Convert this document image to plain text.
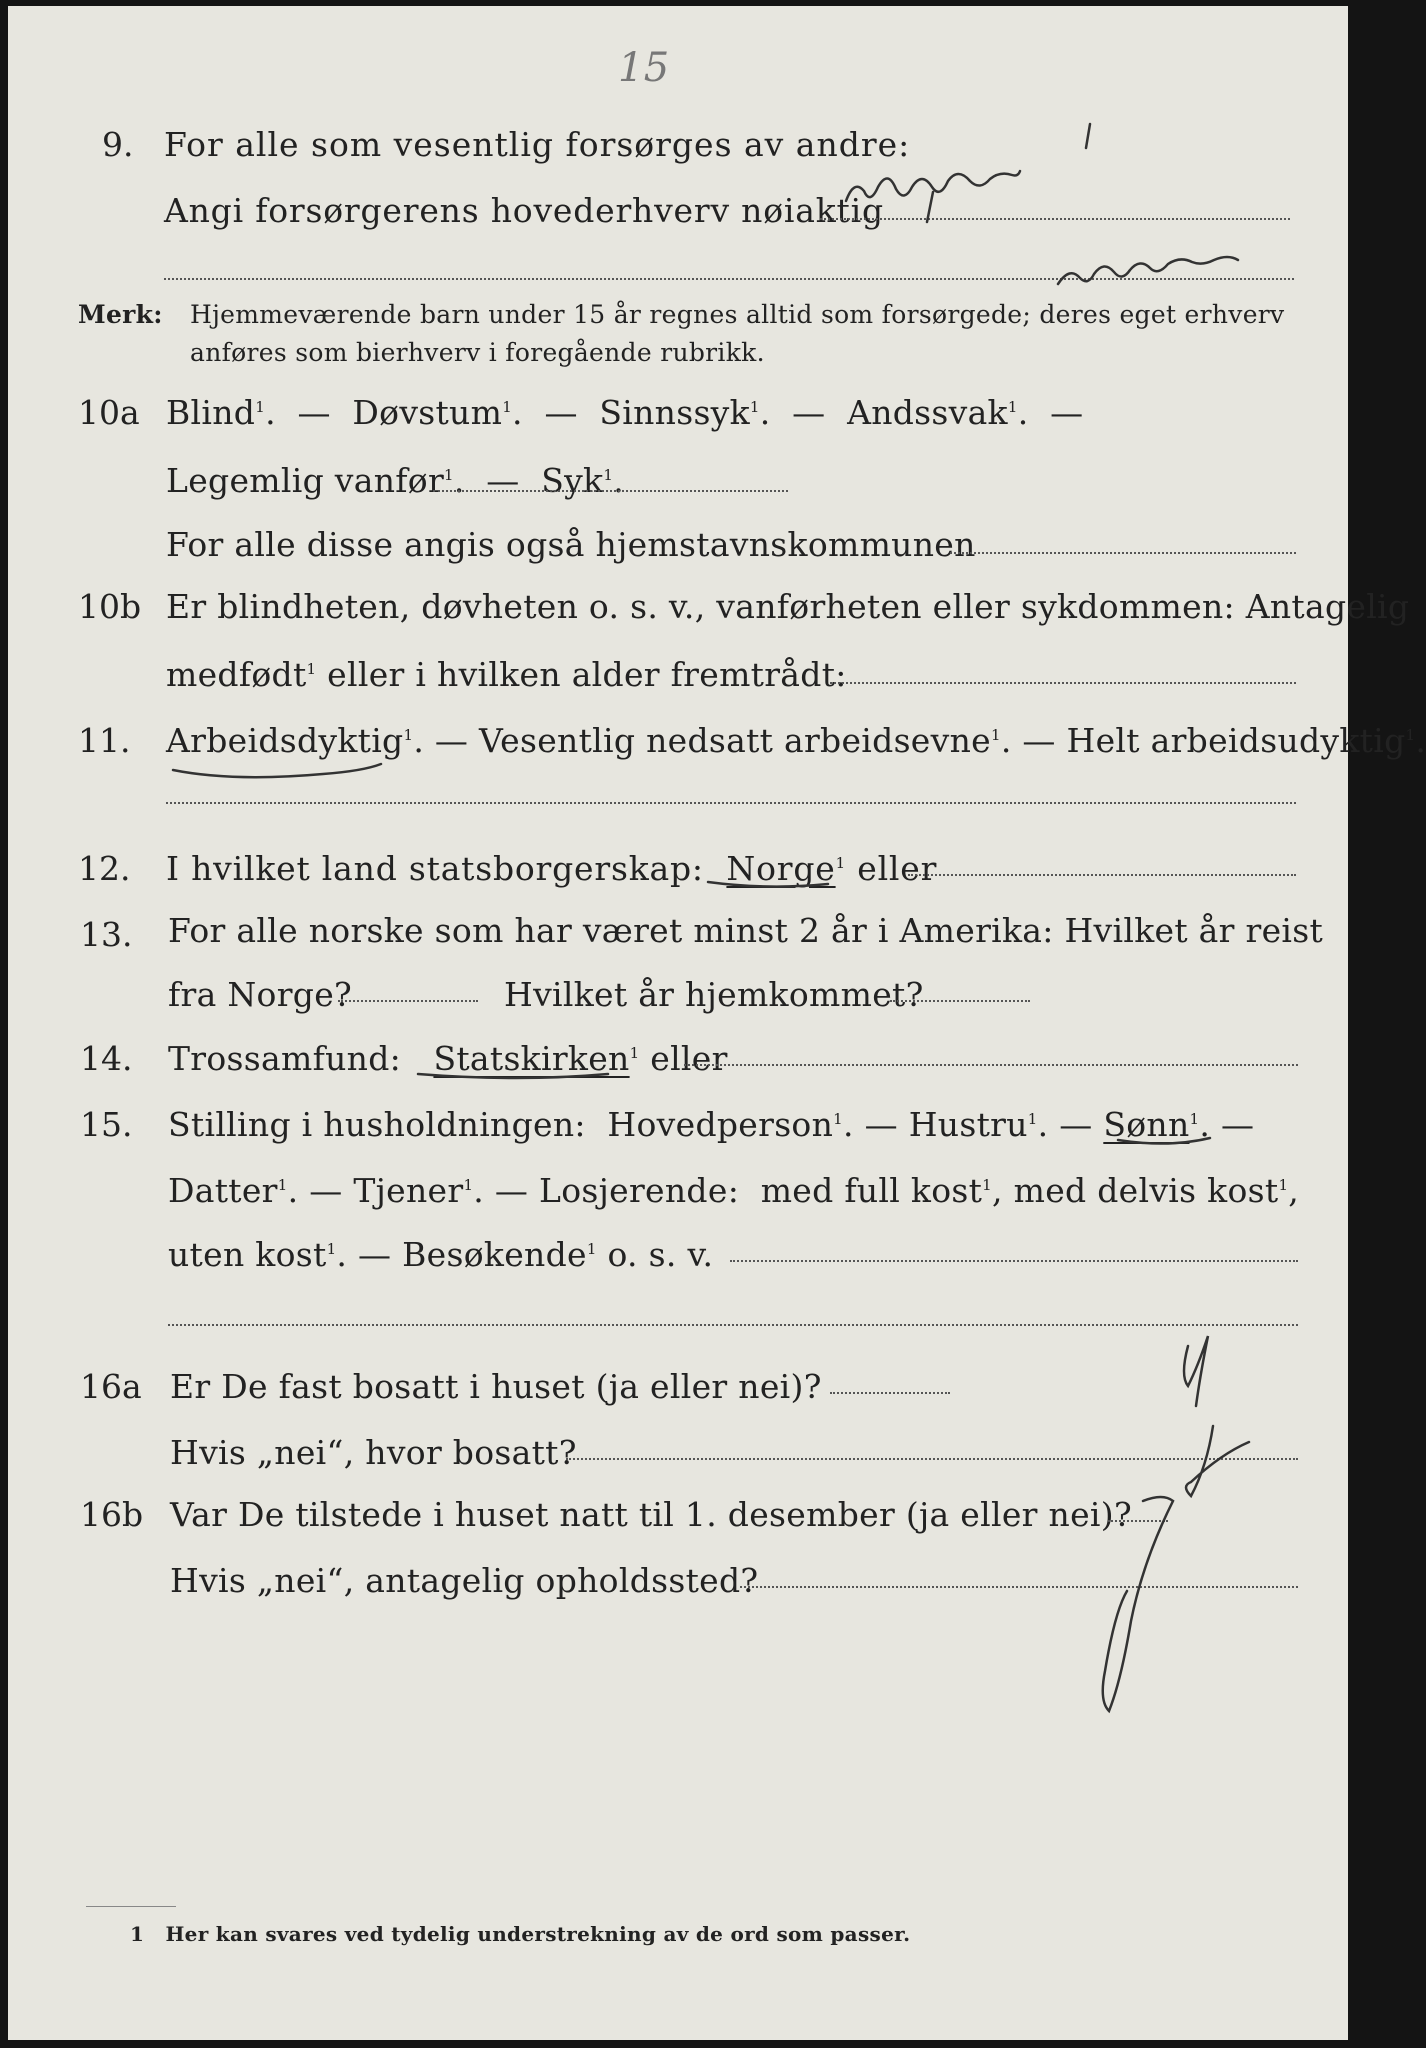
15
9. For alle som vesentlig forsørges av andre:
Angi forsørgerens hovederhverv nøiaktig
Merk: Hjemmeværende barn under 15 år regnes alltid som forsørgede; deres eget erhverv
anføres som bierhverv i foregående rubrikk.
10a Blind$^1$. — Døvstum$^1$. — Sinnssyk$^1$. — Andssvak$^1$. —
Legemlig vanfør$^1$. — Syk$^1$.
For alle disse angis også hjemstavnskommunen
10b Er blindheten, døvheten o. s. v., vanførheten eller sykdommen: Antagelig
medfødt$^1$ eller i hvilken alder fremtrådt:
11. Arbeidsdyktig$^1$. — Vesentlig nedsatt arbeidsevne$^1$. — Helt arbeidsudyktig$^1$.
12. I hvilket land statsborgerskap: Norge$^1$ eller
13. For alle norske som har været minst 2 år i Amerika: Hvilket år reist
fra Norge?	Hvilket år hjemkommet?
14. Trossamfund: Statskirken$^1$ eller
15. Stilling i husholdningen: Hovedperson$^1$. — Hustru$^1$. — Sønn$^1$. —
Datter$^1$. — Tjener$^1$. — Losjerende: med full kost$^1$, med delvis kost$^1$,
uten kost$^1$. — Besøkende$^1$ o. s. v.
16a Er De fast bosatt i huset (ja eller nei)?
Hvis „nei“, hvor bosatt?
16b Var De tilstede i huset natt til 1. desember (ja eller nei)?
Hvis „nei“, antagelig opholdssted?
1 Her kan svares ved tydelig understrekning av de ord som passer.
